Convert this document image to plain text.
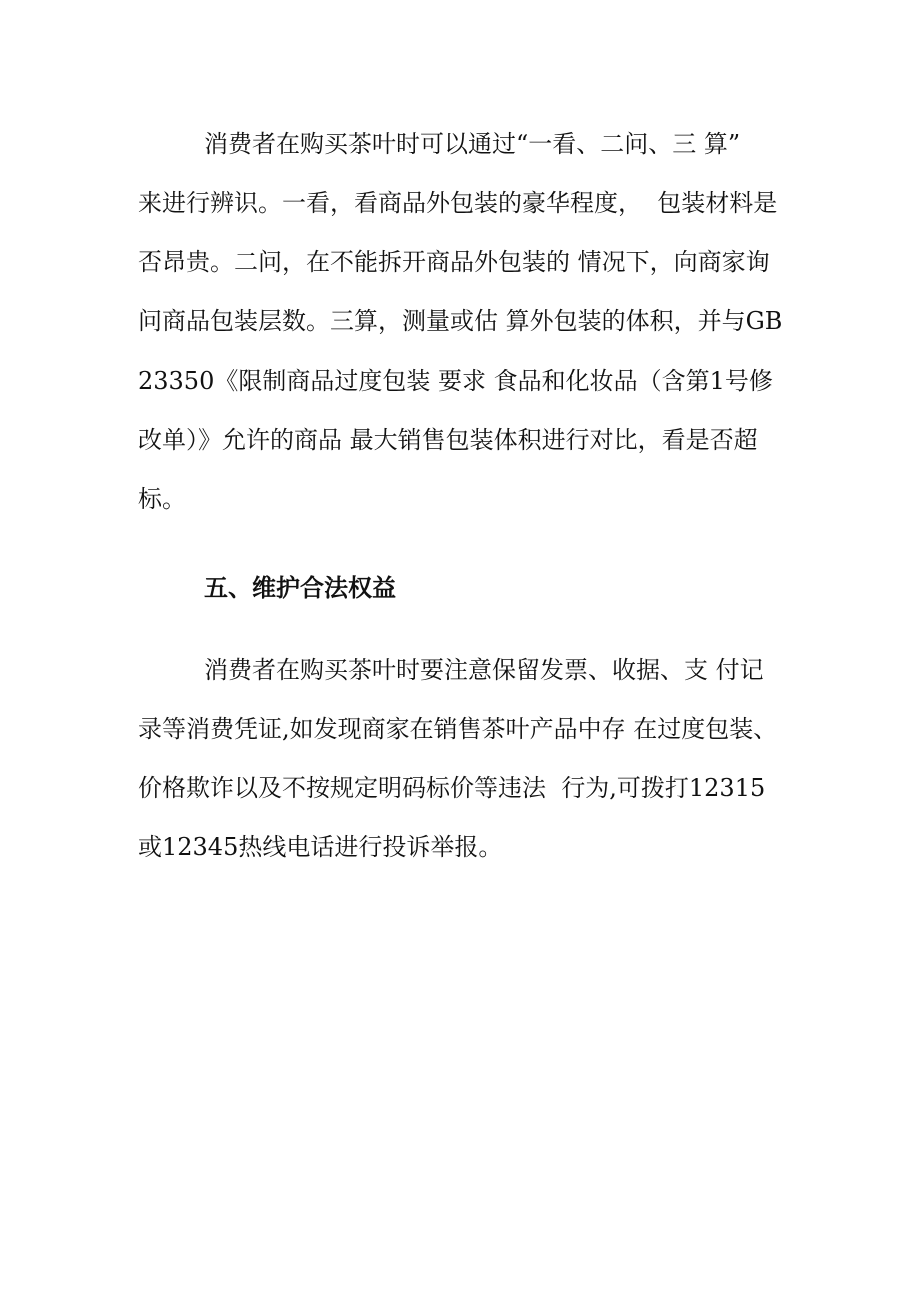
消费者在购买茶叶时可以通过“一看、二问、三 算”
来进行辨识。一看，看商品外包装的豪华程度，  包装材料是
否昂贵。二问，在不能拆开商品外包装的 情况下，向商家询
问商品包装层数。三算，测量或估 算外包装的体积，并与GB
23350《限制商品过度包装 要求 食品和化妆品（含第1号修
改单）》允许的商品 最大销售包装体积进行对比，看是否超
标。
五、维护合法权益
消费者在购买茶叶时要注意保留发票、收据、支 付记
录等消费凭证,如发现商家在销售茶叶产品中存 在过度包装、
价格欺诈以及不按规定明码标价等违法  行为,可拨打12315
或12345热线电话进行投诉举报。
